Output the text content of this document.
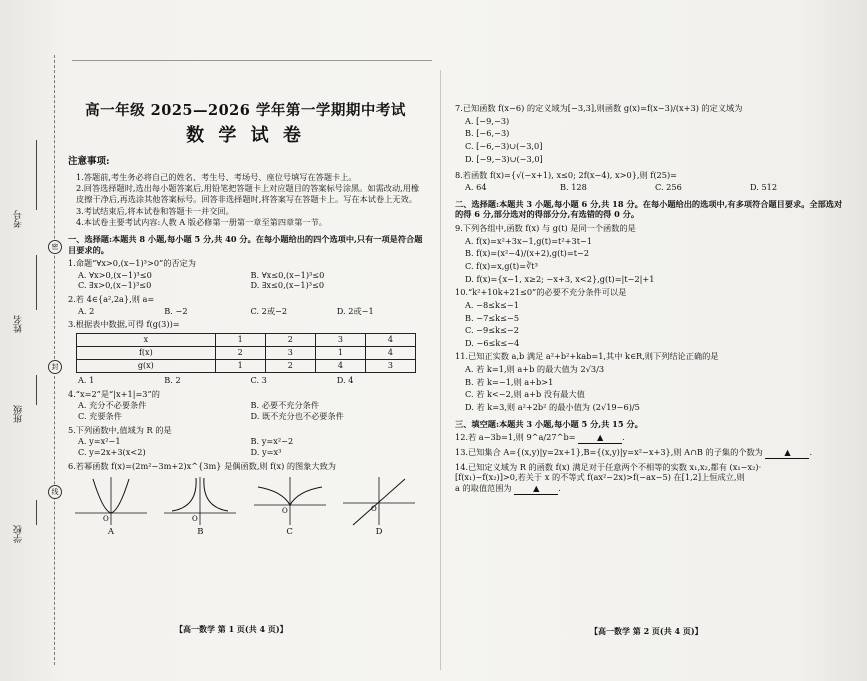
密
封
线
考号
姓名
班级
学校
高一年级 2025—2026 学年第一学期期中考试
数 学 试 卷
注意事项:
1.答题前,考生务必将自己的姓名、考生号、考场号、座位号填写在答题卡上。
2.回答选择题时,选出每小题答案后,用铅笔把答题卡上对应题目的答案标号涂黑。如需改动,用橡皮擦干净后,再选涂其他答案标号。回答非选择题时,将答案写在答题卡上。写在本试卷上无效。
3.考试结束后,将本试卷和答题卡一并交回。
4.本试卷主要考试内容:人教 A 版必修第一册第一章至第四章第一节。
一、选择题:本题共 8 小题,每小题 5 分,共 40 分。在每小题给出的四个选项中,只有一项是符合题目要求的。
1.命题“∀x>0,(x−1)³>0”的否定为
A. ∀x>0,(x−1)³≤0	B. ∀x≤0,(x−1)³≤0
C. ∃x>0,(x−1)³≤0	D. ∃x≤0,(x−1)³≤0
2.若 4∈{a²,2a},则 a=
A. 2	B. −2	C. 2或−2	D. 2或−1
3.根据表中数据,可得 f(g(3))=
x	1	2	3	4
f(x)	2	3	1	4
g(x)	1	2	4	3
A. 1	B. 2	C. 3	D. 4
4.“x=2”是“|x+1|=3”的
A. 充分不必要条件	B. 必要不充分条件
C. 充要条件	D. 既不充分也不必要条件
5.下列函数中,值域为 R 的是
A. y=x²−1	B. y=x²−2
C. y=2x+3(x<2)	D. y=x³
6.若幂函数 f(x)=(2m²−3m+2)x^{3m} 是偶函数,则 f(x) 的图象大致为
O
A
O
B
O
C
O
D
【高一数学 第 1 页(共 4 页)】
7.已知函数 f(x−6) 的定义域为[−3,3],则函数 g(x)=f(x−3)/(x+3) 的定义域为
A. [−9,−3)
B. [−6,−3)
C. [−6,−3)∪(−3,0]
D. [−9,−3)∪(−3,0]
8.若函数 f(x)={√(−x+1), x≤0; 2f(x−4), x>0},则 f(25)=
A. 64	B. 128	C. 256	D. 512
二、选择题:本题共 3 小题,每小题 6 分,共 18 分。在每小题给出的选项中,有多项符合题目要求。全部选对的得 6 分,部分选对的得部分分,有选错的得 0 分。
9.下列各组中,函数 f(x) 与 g(t) 是同一个函数的是
A. f(x)=x²+3x−1,g(t)=t²+3t−1
B. f(x)=(x²−4)/(x+2),g(t)=t−2
C. f(x)=x,g(t)=∛t³
D. f(x)={x−1, x≥2; −x+3, x<2},g(t)=|t−2|+1
10.“k²+10k+21≤0”的必要不充分条件可以是
A. −8≤k≤−1
B. −7≤k≤−5
C. −9≤k≤−2
D. −6≤k≤−4
11.已知正实数 a,b 满足 a²+b²+kab=1,其中 k∈R,则下列结论正确的是
A. 若 k=1,则 a+b 的最大值为 2√3/3
B. 若 k=−1,则 a+b>1
C. 若 k<−2,则 a+b 没有最大值
D. 若 k=3,则 a²+2b² 的最小值为 (2√19−6)/5
三、填空题:本题共 3 小题,每小题 5 分,共 15 分。
12.若 a−3b=1,则 9^a/27^b=	▲ .
13.已知集合 A={(x,y)|y=2x+1},B={(x,y)|y=x²−x+3},则 A∩B 的子集的个数为	▲ .
14.已知定义域为 R 的函数 f(x) 满足对于任意两个不相等的实数 x₁,x₂,都有 (x₁−x₂)·
[f(x₁)−f(x₂)]>0,若关于 x 的不等式 f(ax²−2x)>f(−ax−5) 在[1,2]上恒成立,则
a 的取值范围为	▲ .
【高一数学 第 2 页(共 4 页)】
